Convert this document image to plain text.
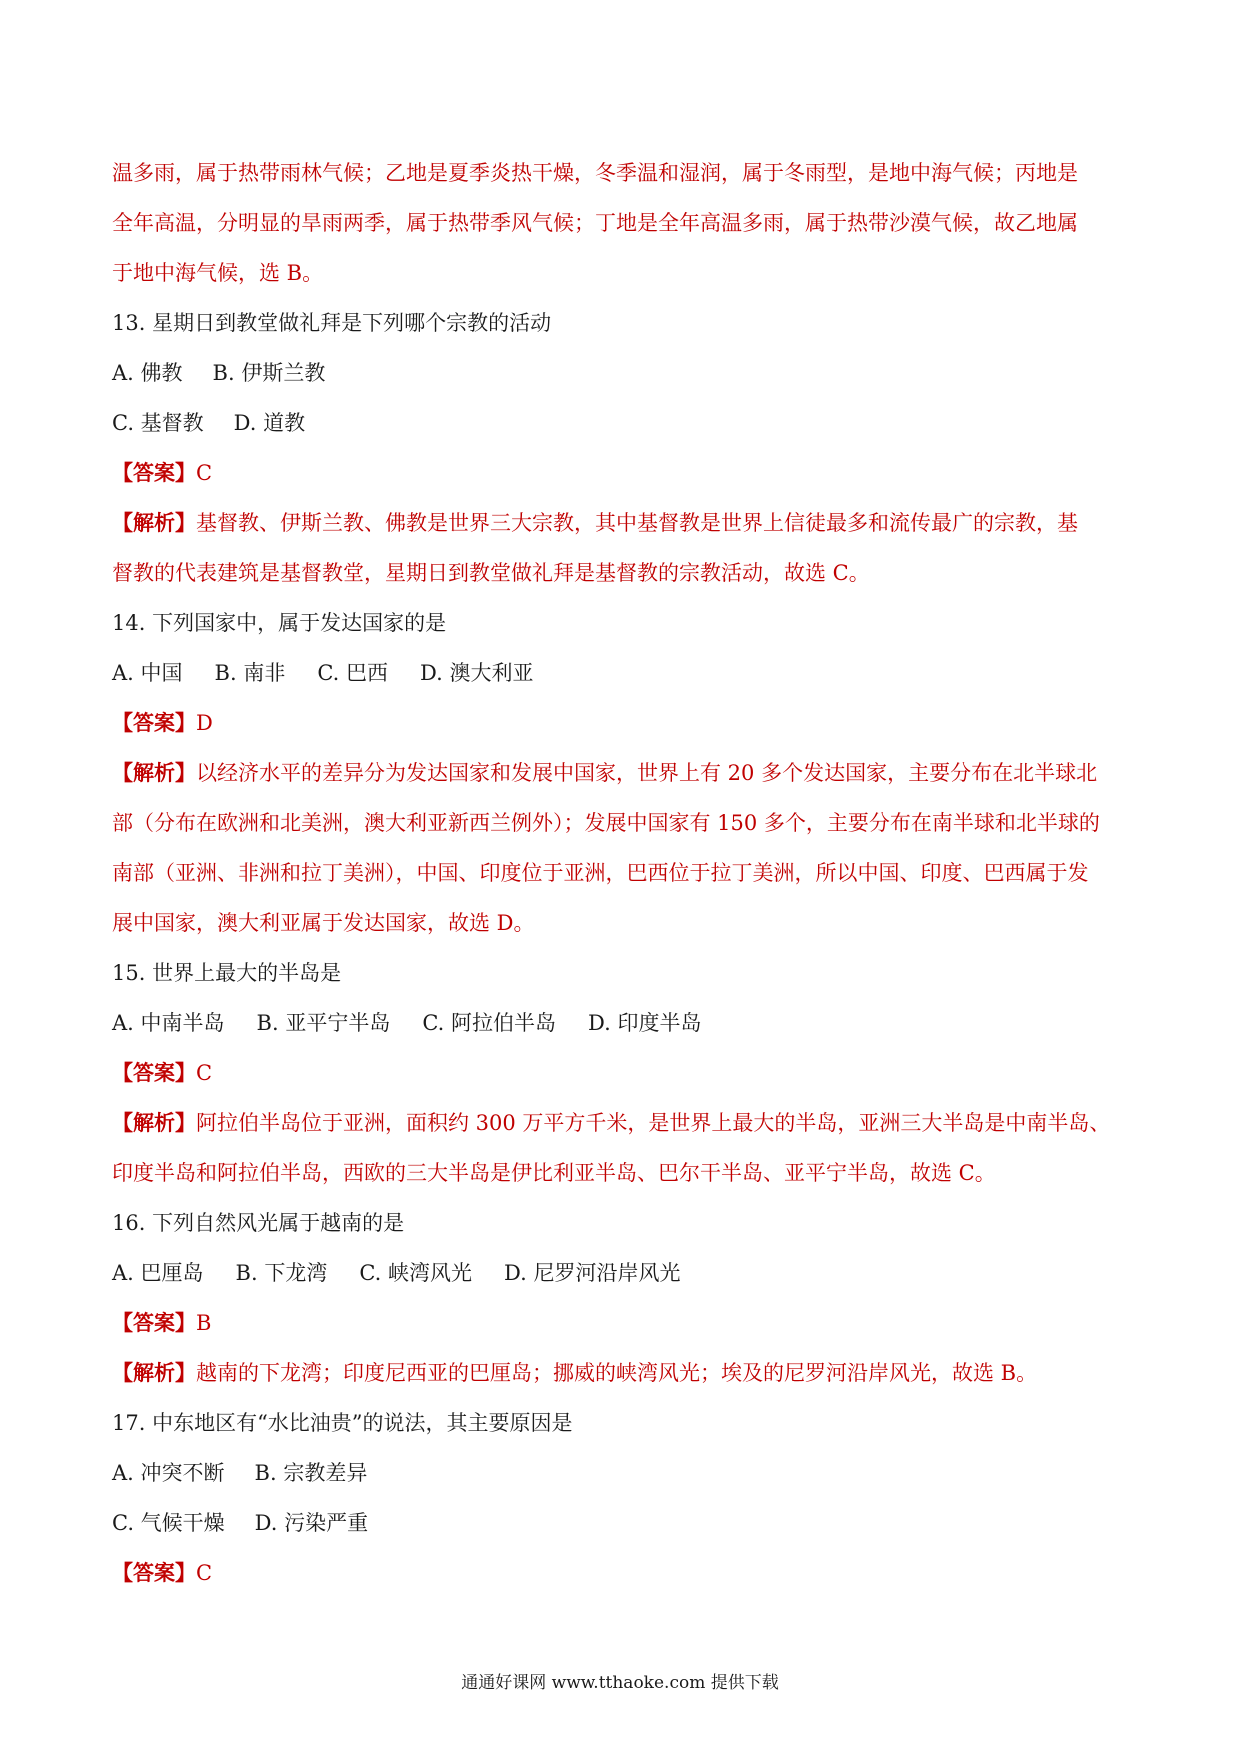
温多雨，属于热带雨林气候；乙地是夏季炎热干燥，冬季温和湿润，属于冬雨型，是地中海气候；丙地是
全年高温，分明显的旱雨两季，属于热带季风气候；丁地是全年高温多雨，属于热带沙漠气候，故乙地属
于地中海气候，选 B。
13. 星期日到教堂做礼拜是下列哪个宗教的活动
A. 佛教 B. 伊斯兰教
C. 基督教 D. 道教
【答案】C
【解析】基督教、伊斯兰教、佛教是世界三大宗教，其中基督教是世界上信徒最多和流传最广的宗教，基
督教的代表建筑是基督教堂，星期日到教堂做礼拜是基督教的宗教活动，故选 C。
14. 下列国家中，属于发达国家的是
A. 中国 B. 南非 C. 巴西 D. 澳大利亚
【答案】D
【解析】以经济水平的差异分为发达国家和发展中国家，世界上有 20 多个发达国家，主要分布在北半球北
部（分布在欧洲和北美洲，澳大利亚新西兰例外）；发展中国家有 150 多个，主要分布在南半球和北半球的
南部（亚洲、非洲和拉丁美洲），中国、印度位于亚洲，巴西位于拉丁美洲，所以中国、印度、巴西属于发
展中国家，澳大利亚属于发达国家，故选 D。
15. 世界上最大的半岛是
A. 中南半岛 B. 亚平宁半岛 C. 阿拉伯半岛 D. 印度半岛
【答案】C
【解析】阿拉伯半岛位于亚洲，面积约 300 万平方千米，是世界上最大的半岛，亚洲三大半岛是中南半岛、
印度半岛和阿拉伯半岛，西欧的三大半岛是伊比利亚半岛、巴尔干半岛、亚平宁半岛，故选 C。
16. 下列自然风光属于越南的是
A. 巴厘岛 B. 下龙湾 C. 峡湾风光 D. 尼罗河沿岸风光
【答案】B
【解析】越南的下龙湾；印度尼西亚的巴厘岛；挪威的峡湾风光；埃及的尼罗河沿岸风光，故选 B。
17. 中东地区有“水比油贵”的说法，其主要原因是
A. 冲突不断 B. 宗教差异
C. 气候干燥 D. 污染严重
【答案】C
通通好课网 www.tthaoke.com 提供下载
